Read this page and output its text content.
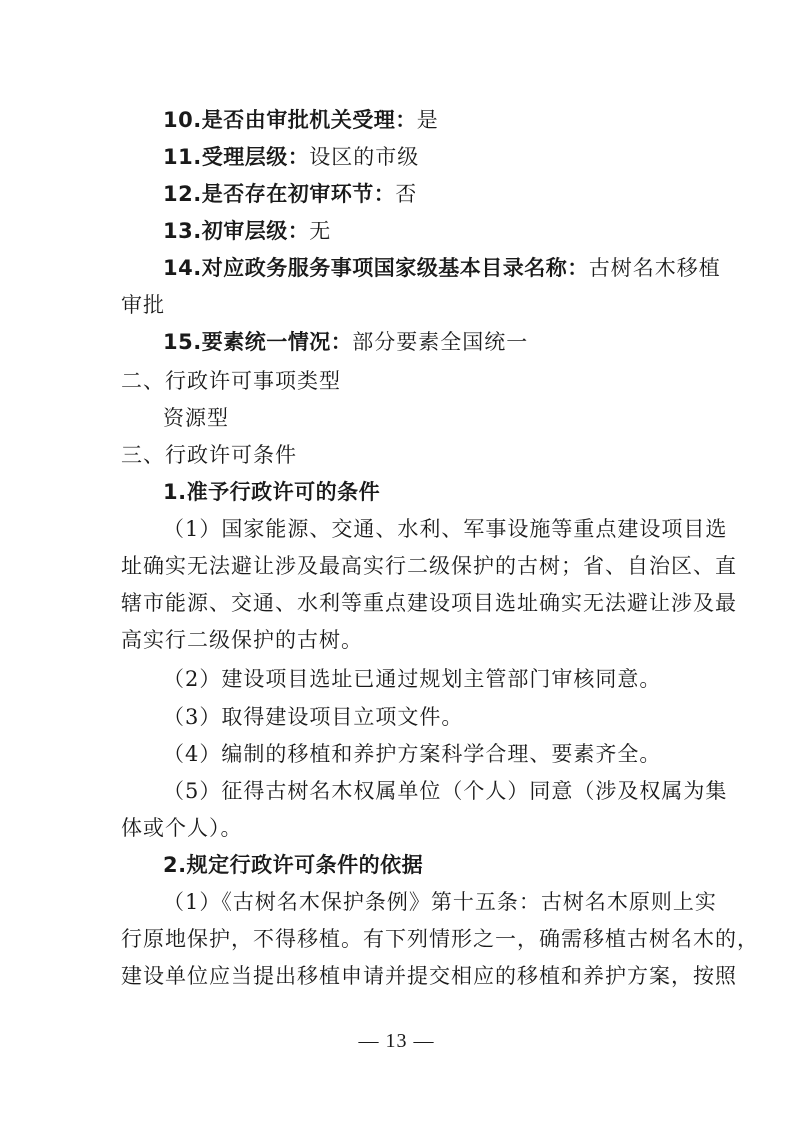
10.是否由审批机关受理：是
11.受理层级：设区的市级
12.是否存在初审环节：否
13.初审层级：无
14.对应政务服务事项国家级基本目录名称：古树名木移植
审批
15.要素统一情况：部分要素全国统一
二、行政许可事项类型
资源型
三、行政许可条件
1.准予行政许可的条件
（1）国家能源、交通、水利、军事设施等重点建设项目选
址确实无法避让涉及最高实行二级保护的古树；省、自治区、直
辖市能源、交通、水利等重点建设项目选址确实无法避让涉及最
高实行二级保护的古树。
（2）建设项目选址已通过规划主管部门审核同意。
（3）取得建设项目立项文件。
（4）编制的移植和养护方案科学合理、要素齐全。
（5）征得古树名木权属单位（个人）同意（涉及权属为集
体或个人）。
2.规定行政许可条件的依据
（1）《古树名木保护条例》第十五条：古树名木原则上实
行原地保护，不得移植。有下列情形之一，确需移植古树名木的，
建设单位应当提出移植申请并提交相应的移植和养护方案，按照
— 13 —
